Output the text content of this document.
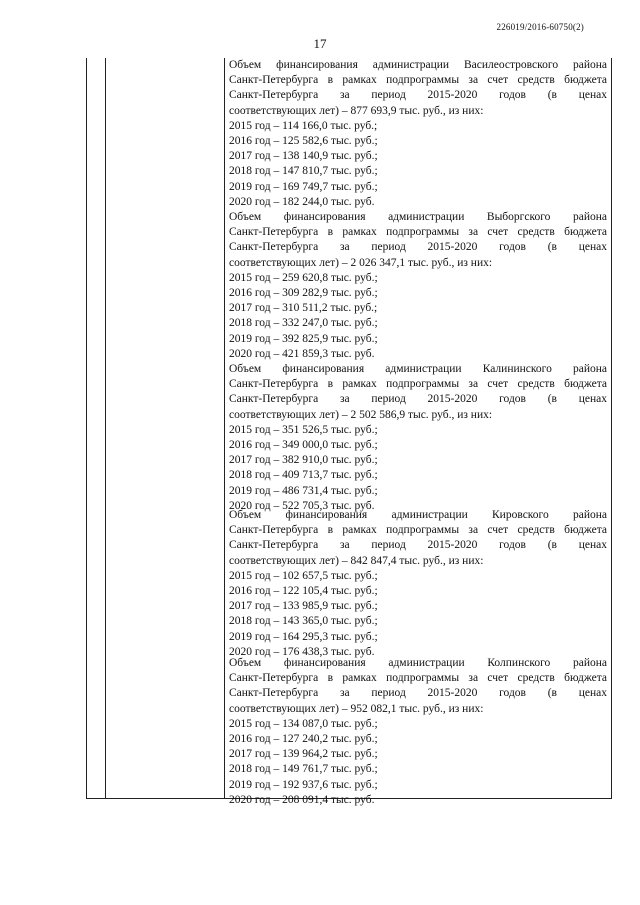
226019/2016-60750(2)
17
Объем финансирования администрации Василеостровского района
Санкт-Петербурга в рамках подпрограммы за счет средств бюджета
Санкт-Петербурга за период 2015-2020 годов (в ценах
соответствующих лет) – 877 693,9 тыс. руб., из них:
2015 год – 114 166,0 тыс. руб.;
2016 год – 125 582,6 тыс. руб.;
2017 год – 138 140,9 тыс. руб.;
2018 год – 147 810,7 тыс. руб.;
2019 год – 169 749,7 тыс. руб.;
2020 год – 182 244,0 тыс. руб.
Объем финансирования администрации Выборгского района
Санкт-Петербурга в рамках подпрограммы за счет средств бюджета
Санкт-Петербурга за период 2015-2020 годов (в ценах
соответствующих лет) – 2 026 347,1 тыс. руб., из них:
2015 год – 259 620,8 тыс. руб.;
2016 год – 309 282,9 тыс. руб.;
2017 год – 310 511,2 тыс. руб.;
2018 год – 332 247,0 тыс. руб.;
2019 год – 392 825,9 тыс. руб.;
2020 год – 421 859,3 тыс. руб.
Объем финансирования администрации Калининского района
Санкт-Петербурга в рамках подпрограммы за счет средств бюджета
Санкт-Петербурга за период 2015-2020 годов (в ценах
соответствующих лет) – 2 502 586,9 тыс. руб., из них:
2015 год – 351 526,5 тыс. руб.;
2016 год – 349 000,0 тыс. руб.;
2017 год – 382 910,0 тыс. руб.;
2018 год – 409 713,7 тыс. руб.;
2019 год – 486 731,4 тыс. руб.;
2020 год – 522 705,3 тыс. руб.
Объем финансирования администрации Кировского района
Санкт-Петербурга в рамках подпрограммы за счет средств бюджета
Санкт-Петербурга за период 2015-2020 годов (в ценах
соответствующих лет) – 842 847,4 тыс. руб., из них:
2015 год – 102 657,5 тыс. руб.;
2016 год – 122 105,4 тыс. руб.;
2017 год – 133 985,9 тыс. руб.;
2018 год – 143 365,0 тыс. руб.;
2019 год – 164 295,3 тыс. руб.;
2020 год – 176 438,3 тыс. руб.
Объем финансирования администрации Колпинского района
Санкт-Петербурга в рамках подпрограммы за счет средств бюджета
Санкт-Петербурга за период 2015-2020 годов (в ценах
соответствующих лет) – 952 082,1 тыс. руб., из них:
2015 год – 134 087,0 тыс. руб.;
2016 год – 127 240,2 тыс. руб.;
2017 год – 139 964,2 тыс. руб.;
2018 год – 149 761,7 тыс. руб.;
2019 год – 192 937,6 тыс. руб.;
2020 год – 208 091,4 тыс. руб.
